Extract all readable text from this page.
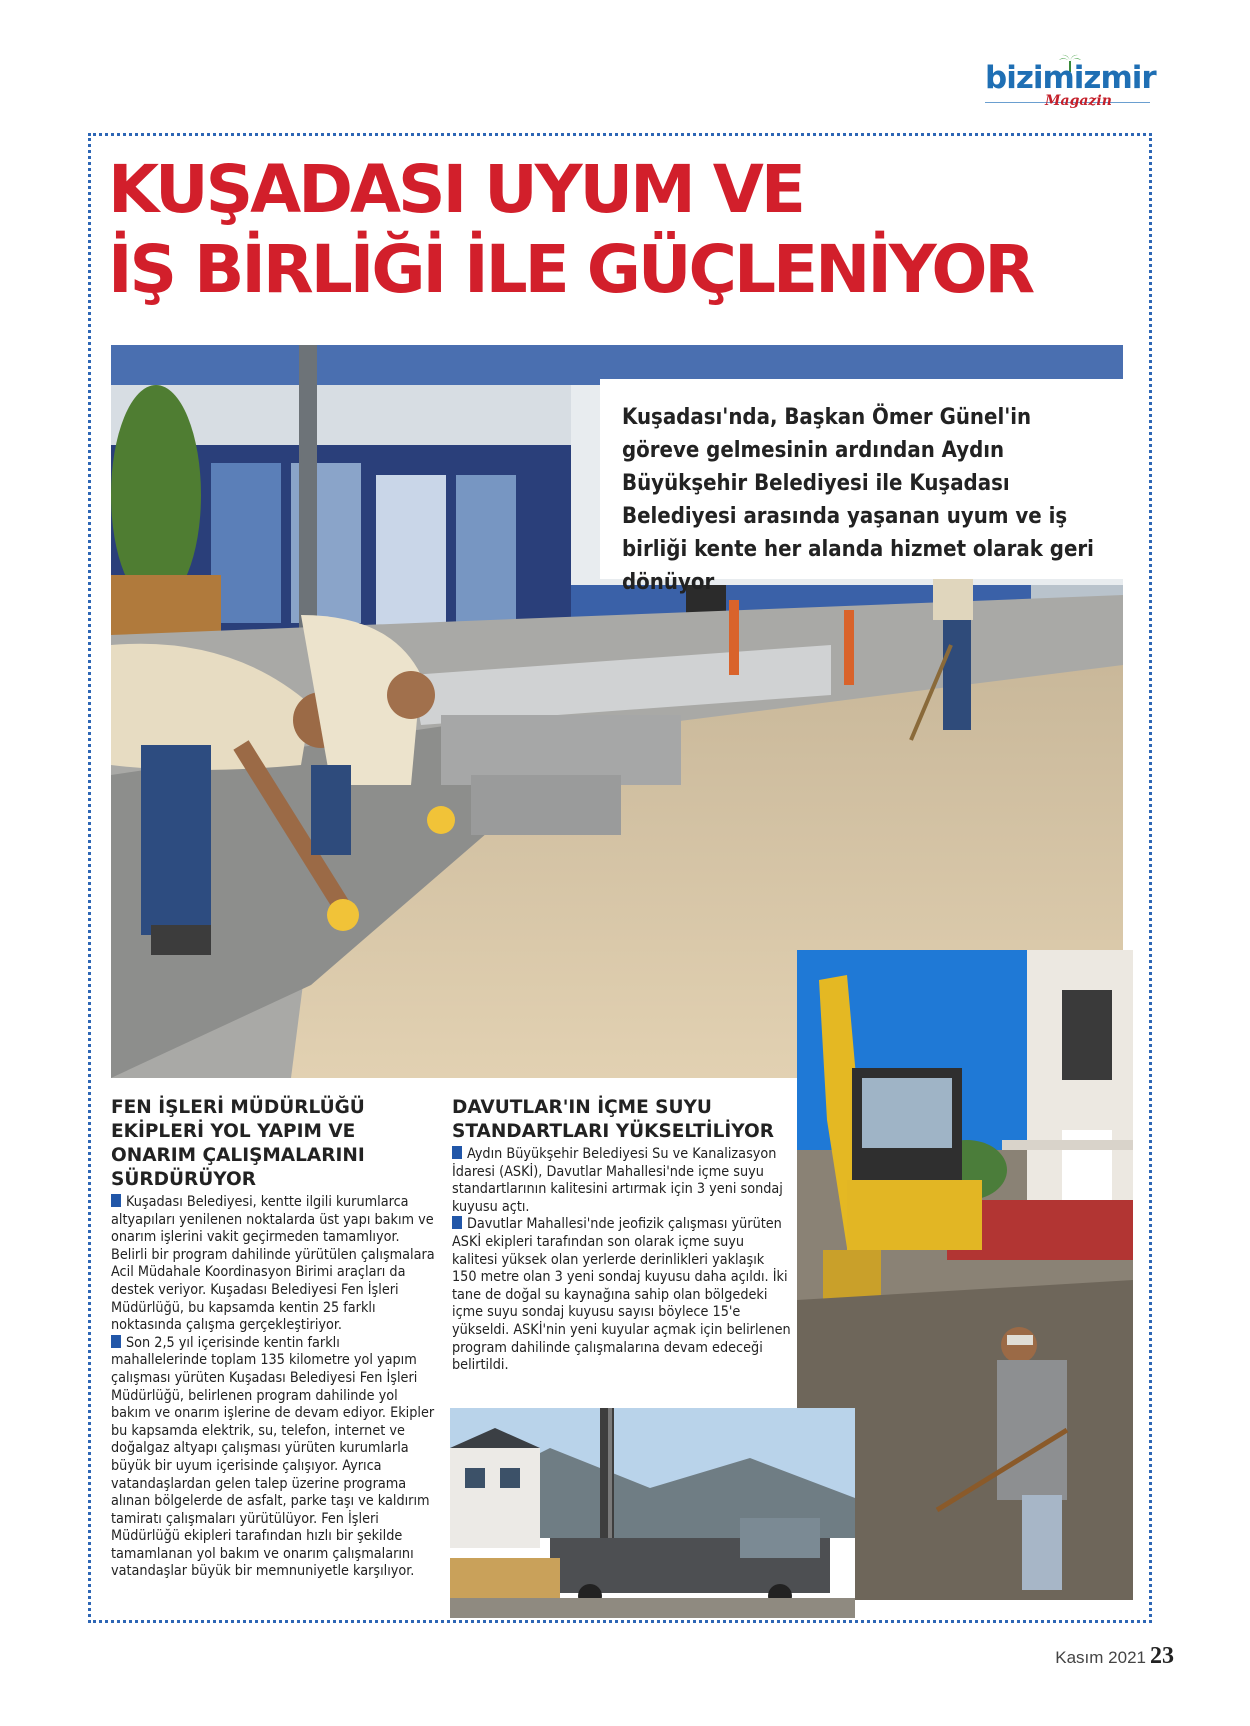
bizimizmir
Magazin
KUŞADASI UYUM VE
İŞ BİRLİĞİ İLE GÜÇLENİYOR

Kuşadası'nda, Başkan Ömer Günel'in göreve gelmesinin ardından Aydın Büyükşehir Belediyesi ile Kuşadası Belediyesi arasında yaşanan uyum ve iş birliği kente her alanda hizmet olarak geri dönüyor

FEN İŞLERİ MÜDÜRLÜĞÜ EKİPLERİ YOL YAPIM VE ONARIM ÇALIŞMALARINI SÜRDÜRÜYOR

Kuşadası Belediyesi, kentte ilgili kurumlarca altyapıları yenilenen noktalarda üst yapı bakım ve onarım işlerini vakit geçirmeden tamamlıyor. Belirli bir program dahilinde yürütülen çalışmalara Acil Müdahale Koordinasyon Birimi araçları da destek veriyor. Kuşadası Belediyesi Fen İşleri Müdürlüğü, bu kapsamda kentin 25 farklı noktasında çalışma gerçekleştiriyor.

Son 2,5 yıl içerisinde kentin farklı mahallelerinde toplam 135 kilometre yol yapım çalışması yürüten Kuşadası Belediyesi Fen İşleri Müdürlüğü, belirlenen program dahilinde yol bakım ve onarım işlerine de devam ediyor. Ekipler bu kapsamda elektrik, su, telefon, internet ve doğalgaz altyapı çalışması yürüten kurumlarla büyük bir uyum içerisinde çalışıyor. Ayrıca vatandaşlardan gelen talep üzerine programa alınan bölgelerde de asfalt, parke taşı ve kaldırım tamiratı çalışmaları yürütülüyor. Fen İşleri Müdürlüğü ekipleri tarafından hızlı bir şekilde tamamlanan yol bakım ve onarım çalışmalarını vatandaşlar büyük bir memnuniyetle karşılıyor.

DAVUTLAR'IN İÇME SUYU STANDARTLARI YÜKSELTİLİYOR

Aydın Büyükşehir Belediyesi Su ve Kanalizasyon İdaresi (ASKİ), Davutlar Mahallesi'nde içme suyu standartlarının kalitesini artırmak için 3 yeni sondaj kuyusu açtı.

Davutlar Mahallesi'nde jeofizik çalışması yürüten ASKİ ekipleri tarafından son olarak içme suyu kalitesi yüksek olan yerlerde derinlikleri yaklaşık 150 metre olan 3 yeni sondaj kuyusu daha açıldı. İki tane de doğal su kaynağına sahip olan bölgedeki içme suyu sondaj kuyusu sayısı böylece 15'e yükseldi. ASKİ'nin yeni kuyular açmak için belirlenen program dahilinde çalışmalarına devam edeceği belirtildi.

Kasım 2021 23
